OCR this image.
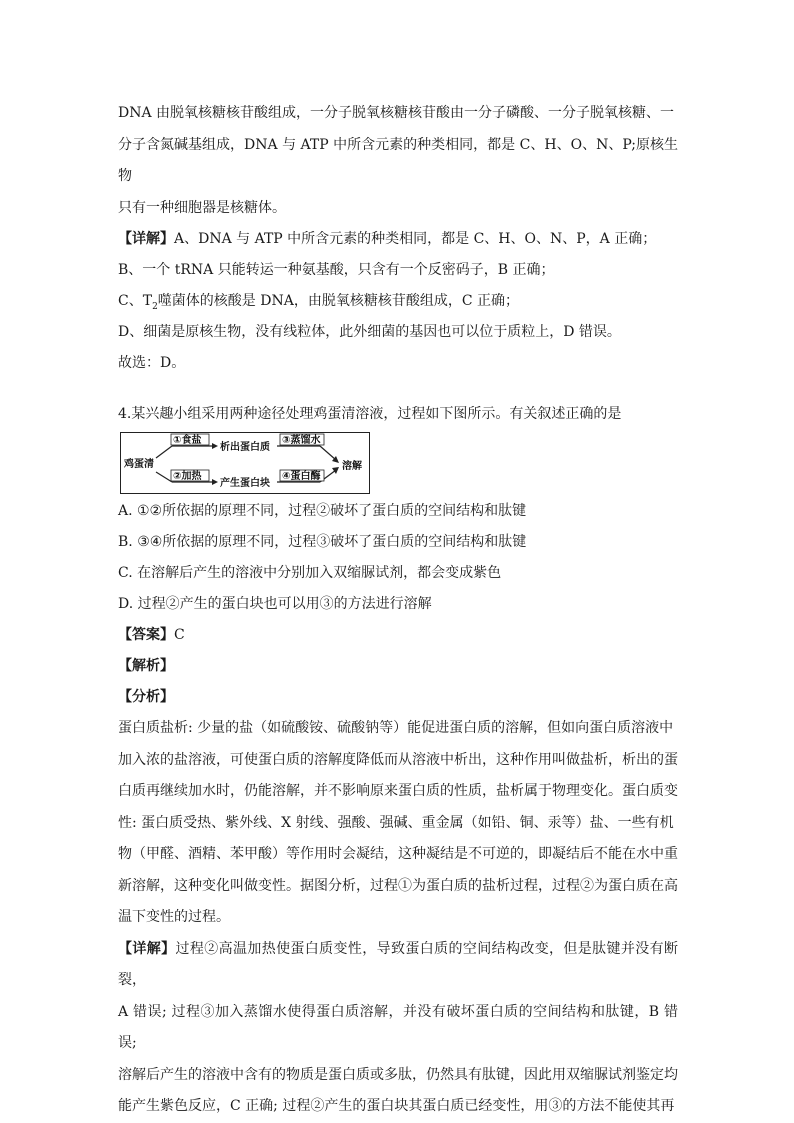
DNA 由脱氧核糖核苷酸组成，一分子脱氧核糖核苷酸由一分子磷酸、一分子脱氧核糖、一

分子含氮碱基组成，DNA 与 ATP 中所含元素的种类相同，都是 C、H、O、N、P;原核生物

只有一种细胞器是核糖体。

【详解】A、DNA 与 ATP 中所含元素的种类相同，都是 C、H、O、N、P，A 正确；

B、一个 tRNA 只能转运一种氨基酸，只含有一个反密码子，B 正确；

C、$T_2$噬菌体的核酸是 DNA，由脱氧核糖核苷酸组成，C 正确；

D、细菌是原核生物，没有线粒体，此外细菌的基因也可以位于质粒上，D 错误。

故选：D。

4.某兴趣小组采用两种途径处理鸡蛋清溶液，过程如下图所示。有关叙述正确的是

鸡蛋清
①食盐
析出蛋白质
②加热
产生蛋白块
③蒸馏水
④蛋白酶
溶解

A. ①②所依据的原理不同，过程②破坏了蛋白质的空间结构和肽键

B. ③④所依据的原理不同，过程③破坏了蛋白质的空间结构和肽键

C. 在溶解后产生的溶液中分别加入双缩脲试剂，都会变成紫色

D. 过程②产生的蛋白块也可以用③的方法进行溶解

【答案】C

【解析】

【分析】

蛋白质盐析: 少量的盐（如硫酸铵、硫酸钠等）能促进蛋白质的溶解，但如向蛋白质溶液中

加入浓的盐溶液，可使蛋白质的溶解度降低而从溶液中析出，这种作用叫做盐析，析出的蛋

白质再继续加水时，仍能溶解，并不影响原来蛋白质的性质，盐析属于物理变化。蛋白质变

性: 蛋白质受热、紫外线、X 射线、强酸、强碱、重金属（如铅、铜、汞等）盐、一些有机

物（甲醛、酒精、苯甲酸）等作用时会凝结，这种凝结是不可逆的，即凝结后不能在水中重

新溶解，这种变化叫做变性。据图分析，过程①为蛋白质的盐析过程，过程②为蛋白质在高

温下变性的过程。

【详解】过程②高温加热使蛋白质变性，导致蛋白质的空间结构改变，但是肽键并没有断裂，

A 错误; 过程③加入蒸馏水使得蛋白质溶解，并没有破坏蛋白质的空间结构和肽键，B 错误;

溶解后产生的溶液中含有的物质是蛋白质或多肽，仍然具有肽键，因此用双缩脲试剂鉴定均

能产生紫色反应，C 正确; 过程②产生的蛋白块其蛋白质已经变性，用③的方法不能使其再
